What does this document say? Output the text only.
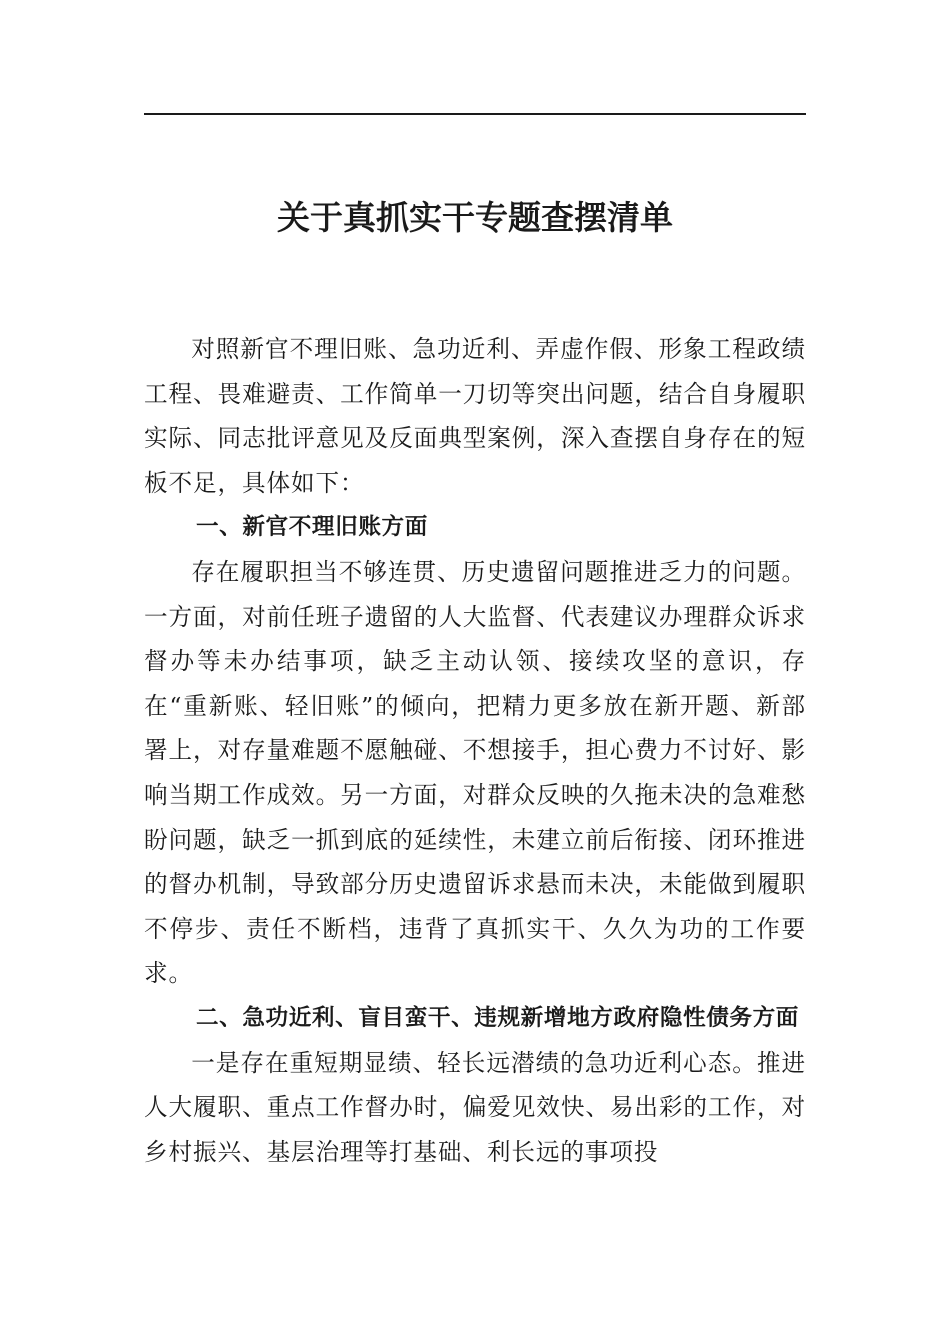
关于真抓实干专题查摆清单

对照新官不理旧账、急功近利、弄虚作假、形象工程政绩工程、畏难避责、工作简单一刀切等突出问题，结合自身履职实际、同志批评意见及反面典型案例，深入查摆自身存在的短板不足，具体如下：

一、新官不理旧账方面

存在履职担当不够连贯、历史遗留问题推进乏力的问题。一方面，对前任班子遗留的人大监督、代表建议办理群众诉求督办等未办结事项，缺乏主动认领、接续攻坚的意识，存在“重新账、轻旧账”的倾向，把精力更多放在新开题、新部署上，对存量难题不愿触碰、不想接手，担心费力不讨好、影响当期工作成效。另一方面，对群众反映的久拖未决的急难愁盼问题，缺乏一抓到底的延续性，未建立前后衔接、闭环推进的督办机制，导致部分历史遗留诉求悬而未决，未能做到履职不停步、责任不断档，违背了真抓实干、久久为功的工作要求。

二、急功近利、盲目蛮干、违规新增地方政府隐性债务方面

一是存在重短期显绩、轻长远潜绩的急功近利心态。推进人大履职、重点工作督办时，偏爱见效快、易出彩的工作，对乡村振兴、基层治理等打基础、利长远的事项投
